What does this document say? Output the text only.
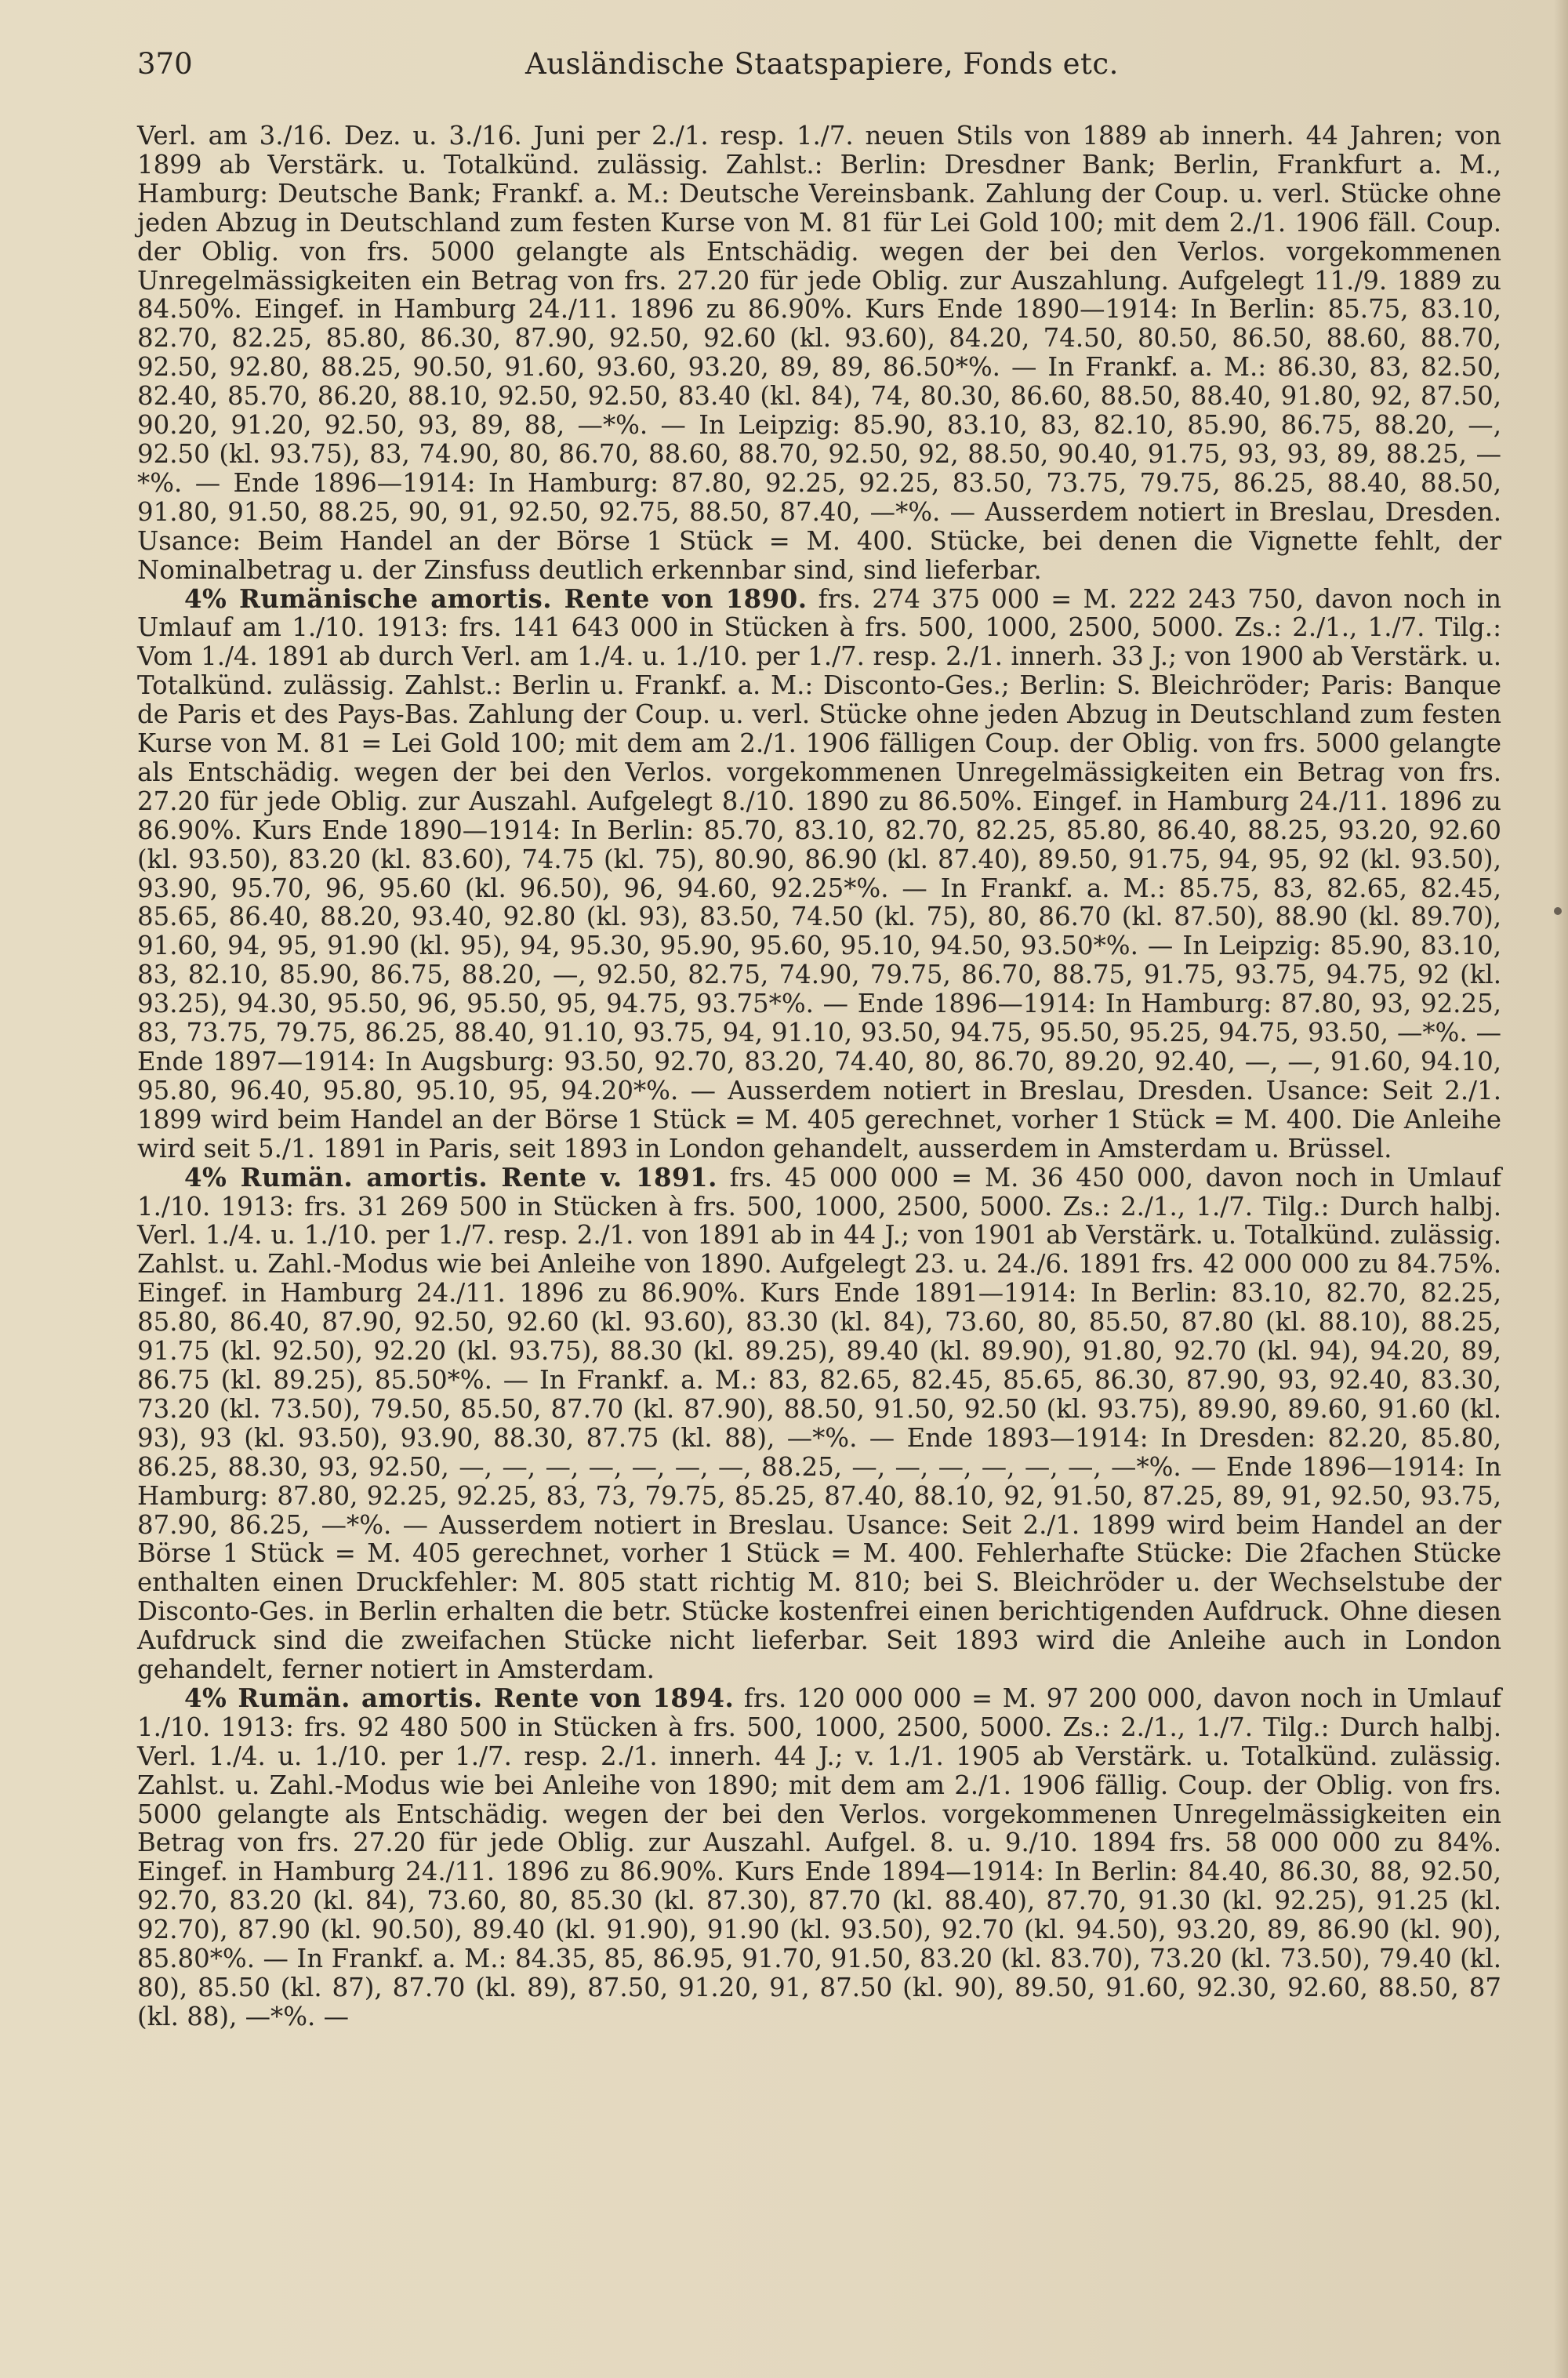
370	Ausländische Staatspapiere, Fonds etc.

Verl. am 3./16. Dez. u. 3./16. Juni per 2./1. resp. 1./7. neuen Stils von 1889 ab innerh. 44 Jahren; von 1899 ab Verstärk. u. Totalkünd. zulässig. Zahlst.: Berlin: Dresdner Bank; Berlin, Frankfurt a. M., Hamburg: Deutsche Bank; Frankf. a. M.: Deutsche Vereinsbank. Zahlung der Coup. u. verl. Stücke ohne jeden Abzug in Deutschland zum festen Kurse von M. 81 für Lei Gold 100; mit dem 2./1. 1906 fäll. Coup. der Oblig. von frs. 5000 gelangte als Entschädig. wegen der bei den Verlos. vorgekommenen Unregelmässigkeiten ein Betrag von frs. 27.20 für jede Oblig. zur Auszahlung. Aufgelegt 11./9. 1889 zu 84.50%. Eingef. in Hamburg 24./11. 1896 zu 86.90%. Kurs Ende 1890—1914: In Berlin: 85.75, 83.10, 82.70, 82.25, 85.80, 86.30, 87.90, 92.50, 92.60 (kl. 93.60), 84.20, 74.50, 80.50, 86.50, 88.60, 88.70, 92.50, 92.80, 88.25, 90.50, 91.60, 93.60, 93.20, 89, 89, 86.50*%. — In Frankf. a. M.: 86.30, 83, 82.50, 82.40, 85.70, 86.20, 88.10, 92.50, 92.50, 83.40 (kl. 84), 74, 80.30, 86.60, 88.50, 88.40, 91.80, 92, 87.50, 90.20, 91.20, 92.50, 93, 89, 88, —*%. — In Leipzig: 85.90, 83.10, 83, 82.10, 85.90, 86.75, 88.20, —, 92.50 (kl. 93.75), 83, 74.90, 80, 86.70, 88.60, 88.70, 92.50, 92, 88.50, 90.40, 91.75, 93, 93, 89, 88.25, —*%. — Ende 1896—1914: In Hamburg: 87.80, 92.25, 92.25, 83.50, 73.75, 79.75, 86.25, 88.40, 88.50, 91.80, 91.50, 88.25, 90, 91, 92.50, 92.75, 88.50, 87.40, —*%. — Ausserdem notiert in Breslau, Dresden. Usance: Beim Handel an der Börse 1 Stück = M. 400. Stücke, bei denen die Vignette fehlt, der Nominalbetrag u. der Zinsfuss deutlich erkennbar sind, sind lieferbar.

4% Rumänische amortis. Rente von 1890. frs. 274 375 000 = M. 222 243 750, davon noch in Umlauf am 1./10. 1913: frs. 141 643 000 in Stücken à frs. 500, 1000, 2500, 5000. Zs.: 2./1., 1./7. Tilg.: Vom 1./4. 1891 ab durch Verl. am 1./4. u. 1./10. per 1./7. resp. 2./1. innerh. 33 J.; von 1900 ab Verstärk. u. Totalkünd. zulässig. Zahlst.: Berlin u. Frankf. a. M.: Disconto-Ges.; Berlin: S. Bleichröder; Paris: Banque de Paris et des Pays-Bas. Zahlung der Coup. u. verl. Stücke ohne jeden Abzug in Deutschland zum festen Kurse von M. 81 = Lei Gold 100; mit dem am 2./1. 1906 fälligen Coup. der Oblig. von frs. 5000 gelangte als Entschädig. wegen der bei den Verlos. vorgekommenen Unregelmässigkeiten ein Betrag von frs. 27.20 für jede Oblig. zur Auszahl. Aufgelegt 8./10. 1890 zu 86.50%. Eingef. in Hamburg 24./11. 1896 zu 86.90%. Kurs Ende 1890—1914: In Berlin: 85.70, 83.10, 82.70, 82.25, 85.80, 86.40, 88.25, 93.20, 92.60 (kl. 93.50), 83.20 (kl. 83.60), 74.75 (kl. 75), 80.90, 86.90 (kl. 87.40), 89.50, 91.75, 94, 95, 92 (kl. 93.50), 93.90, 95.70, 96, 95.60 (kl. 96.50), 96, 94.60, 92.25*%. — In Frankf. a. M.: 85.75, 83, 82.65, 82.45, 85.65, 86.40, 88.20, 93.40, 92.80 (kl. 93), 83.50, 74.50 (kl. 75), 80, 86.70 (kl. 87.50), 88.90 (kl. 89.70), 91.60, 94, 95, 91.90 (kl. 95), 94, 95.30, 95.90, 95.60, 95.10, 94.50, 93.50*%. — In Leipzig: 85.90, 83.10, 83, 82.10, 85.90, 86.75, 88.20, —, 92.50, 82.75, 74.90, 79.75, 86.70, 88.75, 91.75, 93.75, 94.75, 92 (kl. 93.25), 94.30, 95.50, 96, 95.50, 95, 94.75, 93.75*%. — Ende 1896—1914: In Hamburg: 87.80, 93, 92.25, 83, 73.75, 79.75, 86.25, 88.40, 91.10, 93.75, 94, 91.10, 93.50, 94.75, 95.50, 95.25, 94.75, 93.50, —*%. — Ende 1897—1914: In Augsburg: 93.50, 92.70, 83.20, 74.40, 80, 86.70, 89.20, 92.40, —, —, 91.60, 94.10, 95.80, 96.40, 95.80, 95.10, 95, 94.20*%. — Ausserdem notiert in Breslau, Dresden. Usance: Seit 2./1. 1899 wird beim Handel an der Börse 1 Stück = M. 405 gerechnet, vorher 1 Stück = M. 400. Die Anleihe wird seit 5./1. 1891 in Paris, seit 1893 in London gehandelt, ausserdem in Amsterdam u. Brüssel.

4% Rumän. amortis. Rente v. 1891. frs. 45 000 000 = M. 36 450 000, davon noch in Umlauf 1./10. 1913: frs. 31 269 500 in Stücken à frs. 500, 1000, 2500, 5000. Zs.: 2./1., 1./7. Tilg.: Durch halbj. Verl. 1./4. u. 1./10. per 1./7. resp. 2./1. von 1891 ab in 44 J.; von 1901 ab Verstärk. u. Totalkünd. zulässig. Zahlst. u. Zahl.-Modus wie bei Anleihe von 1890. Aufgelegt 23. u. 24./6. 1891 frs. 42 000 000 zu 84.75%. Eingef. in Hamburg 24./11. 1896 zu 86.90%. Kurs Ende 1891—1914: In Berlin: 83.10, 82.70, 82.25, 85.80, 86.40, 87.90, 92.50, 92.60 (kl. 93.60), 83.30 (kl. 84), 73.60, 80, 85.50, 87.80 (kl. 88.10), 88.25, 91.75 (kl. 92.50), 92.20 (kl. 93.75), 88.30 (kl. 89.25), 89.40 (kl. 89.90), 91.80, 92.70 (kl. 94), 94.20, 89, 86.75 (kl. 89.25), 85.50*%. — In Frankf. a. M.: 83, 82.65, 82.45, 85.65, 86.30, 87.90, 93, 92.40, 83.30, 73.20 (kl. 73.50), 79.50, 85.50, 87.70 (kl. 87.90), 88.50, 91.50, 92.50 (kl. 93.75), 89.90, 89.60, 91.60 (kl. 93), 93 (kl. 93.50), 93.90, 88.30, 87.75 (kl. 88), —*%. — Ende 1893—1914: In Dresden: 82.20, 85.80, 86.25, 88.30, 93, 92.50, —, —, —, —, —, —, —, 88.25, —, —, —, —, —, —, —*%. — Ende 1896—1914: In Hamburg: 87.80, 92.25, 92.25, 83, 73, 79.75, 85.25, 87.40, 88.10, 92, 91.50, 87.25, 89, 91, 92.50, 93.75, 87.90, 86.25, —*%. — Ausserdem notiert in Breslau. Usance: Seit 2./1. 1899 wird beim Handel an der Börse 1 Stück = M. 405 gerechnet, vorher 1 Stück = M. 400. Fehlerhafte Stücke: Die 2fachen Stücke enthalten einen Druckfehler: M. 805 statt richtig M. 810; bei S. Bleichröder u. der Wechselstube der Disconto-Ges. in Berlin erhalten die betr. Stücke kostenfrei einen berichtigenden Aufdruck. Ohne diesen Aufdruck sind die zweifachen Stücke nicht lieferbar. Seit 1893 wird die Anleihe auch in London gehandelt, ferner notiert in Amsterdam.

4% Rumän. amortis. Rente von 1894. frs. 120 000 000 = M. 97 200 000, davon noch in Umlauf 1./10. 1913: frs. 92 480 500 in Stücken à frs. 500, 1000, 2500, 5000. Zs.: 2./1., 1./7. Tilg.: Durch halbj. Verl. 1./4. u. 1./10. per 1./7. resp. 2./1. innerh. 44 J.; v. 1./1. 1905 ab Verstärk. u. Totalkünd. zulässig. Zahlst. u. Zahl.-Modus wie bei Anleihe von 1890; mit dem am 2./1. 1906 fällig. Coup. der Oblig. von frs. 5000 gelangte als Entschädig. wegen der bei den Verlos. vorgekommenen Unregelmässigkeiten ein Betrag von frs. 27.20 für jede Oblig. zur Auszahl. Aufgel. 8. u. 9./10. 1894 frs. 58 000 000 zu 84%. Eingef. in Hamburg 24./11. 1896 zu 86.90%. Kurs Ende 1894—1914: In Berlin: 84.40, 86.30, 88, 92.50, 92.70, 83.20 (kl. 84), 73.60, 80, 85.30 (kl. 87.30), 87.70 (kl. 88.40), 87.70, 91.30 (kl. 92.25), 91.25 (kl. 92.70), 87.90 (kl. 90.50), 89.40 (kl. 91.90), 91.90 (kl. 93.50), 92.70 (kl. 94.50), 93.20, 89, 86.90 (kl. 90), 85.80*%. — In Frankf. a. M.: 84.35, 85, 86.95, 91.70, 91.50, 83.20 (kl. 83.70), 73.20 (kl. 73.50), 79.40 (kl. 80), 85.50 (kl. 87), 87.70 (kl. 89), 87.50, 91.20, 91, 87.50 (kl. 90), 89.50, 91.60, 92.30, 92.60, 88.50, 87 (kl. 88), —*%. —
